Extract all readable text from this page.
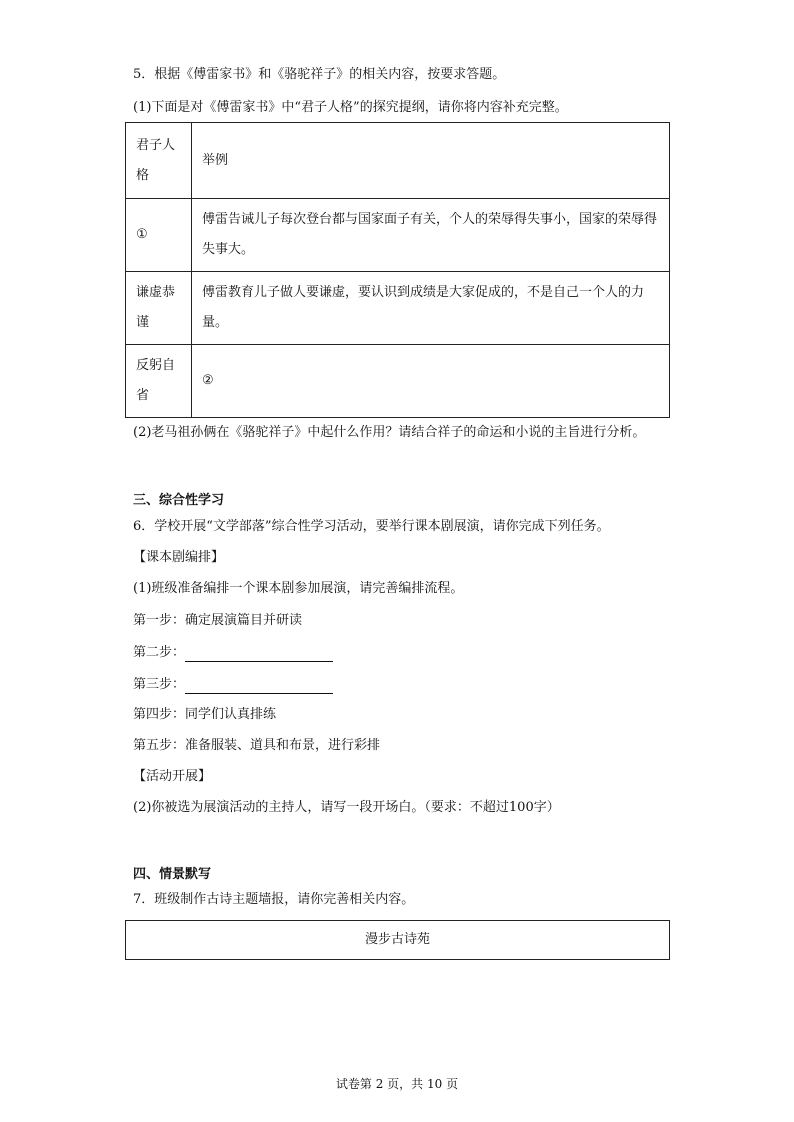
5．根据《傅雷家书》和《骆驼祥子》的相关内容，按要求答题。
(1)下面是对《傅雷家书》中“君子人格”的探究提纲，请你将内容补充完整。
君子人格	举例
①	傅雷告诫儿子每次登台都与国家面子有关，个人的荣辱得失事小，国家的荣辱得失事大。
谦虚恭谨	傅雷教育儿子做人要谦虚，要认识到成绩是大家促成的，不是自己一个人的力量。
反躬自省	②
(2)老马祖孙俩在《骆驼祥子》中起什么作用？请结合祥子的命运和小说的主旨进行分析。
三、综合性学习
6．学校开展“文学部落”综合性学习活动，要举行课本剧展演，请你完成下列任务。
【课本剧编排】
(1)班级准备编排一个课本剧参加展演，请完善编排流程。
第一步：确定展演篇目并研读
第二步：
第三步：
第四步：同学们认真排练
第五步：准备服装、道具和布景，进行彩排
【活动开展】
(2)你被选为展演活动的主持人，请写一段开场白。（要求：不超过100字）
四、情景默写
7．班级制作古诗主题墙报，请你完善相关内容。
漫步古诗苑
试卷第 2 页，共 10 页
